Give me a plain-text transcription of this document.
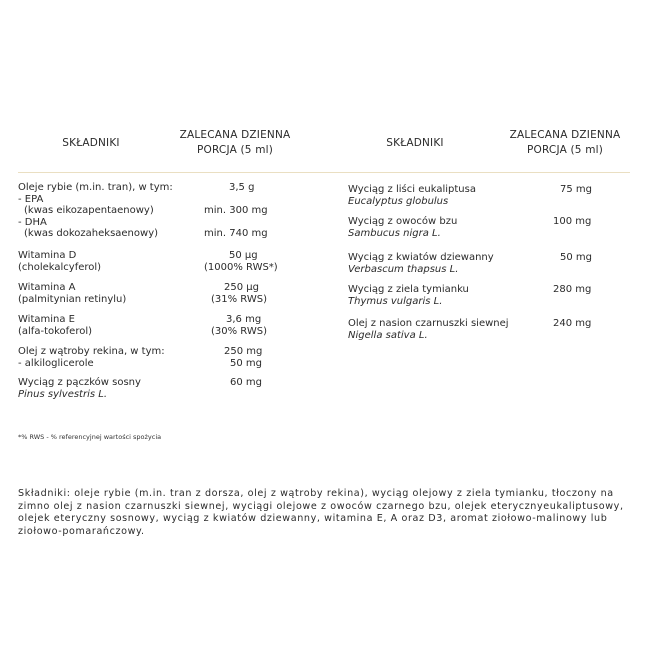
SKŁADNIKI
ZALECANA DZIENNA
PORCJA (5 ml)
SKŁADNIKI
ZALECANA DZIENNA
PORCJA (5 ml)
Oleje rybie (m.in. tran), w tym:	3,5 g
- EPA
(kwas eikozapentaenowy)	min. 300 mg
- DHA
(kwas dokozaheksaenowy)	min. 740 mg
Witamina D	50 µg
(cholekalcyferol)	(1000% RWS*)
Witamina A	250 µg
(palmitynian retinylu)	(31% RWS)
Witamina E	3,6 mg
(alfa-tokoferol)	(30% RWS)
Olej z wątroby rekina, w tym:	250 mg
- alkiloglicerole	50 mg
Wyciąg z pączków sosny	60 mg
Pinus sylvestris L.
Wyciąg z liści eukaliptusa
Eucalyptus globulus
75 mg
Wyciąg z owoców bzu
Sambucus nigra L.
100 mg
Wyciąg z kwiatów dziewanny
Verbascum thapsus L.
50 mg
Wyciąg z ziela tymianku
Thymus vulgaris L.
280 mg
Olej z nasion czarnuszki siewnej
Nigella sativa L.
240 mg
*% RWS - % referencyjnej wartości spożycia
Składniki: oleje rybie (m.in. tran z dorsza, olej z wątroby rekina), wyciąg olejowy z ziela tymianku, tłoczony na zimno olej z nasion czarnuszki siewnej, wyciągi olejowe z owoców czarnego bzu, olejek eterycznyeukaliptusowy, olejek eteryczny sosnowy, wyciąg z kwiatów dziewanny, witamina E, A oraz D3, aromat ziołowo-malinowy lub ziołowo-pomarańczowy.
